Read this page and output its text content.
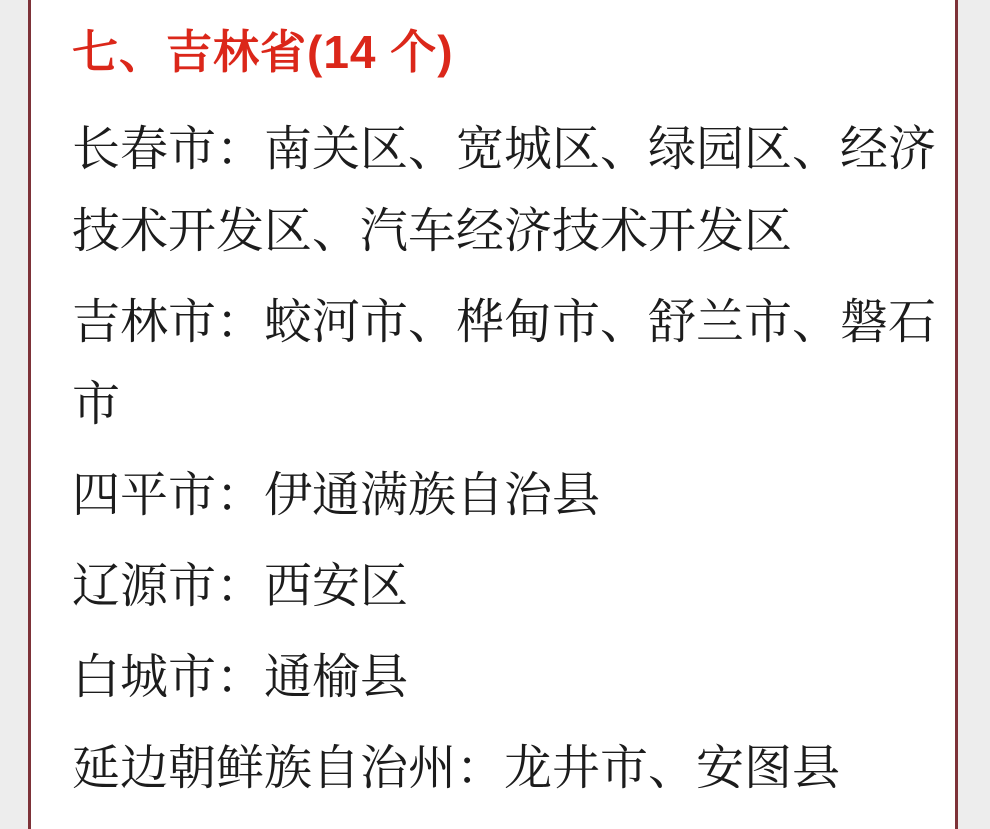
七、吉林省(14 个)
长春市：南关区、宽城区、绿园区、经济
技术开发区、汽车经济技术开发区
吉林市：蛟河市、桦甸市、舒兰市、磐石
市
四平市：伊通满族自治县
辽源市：西安区
白城市：通榆县
延边朝鲜族自治州：龙井市、安图县
